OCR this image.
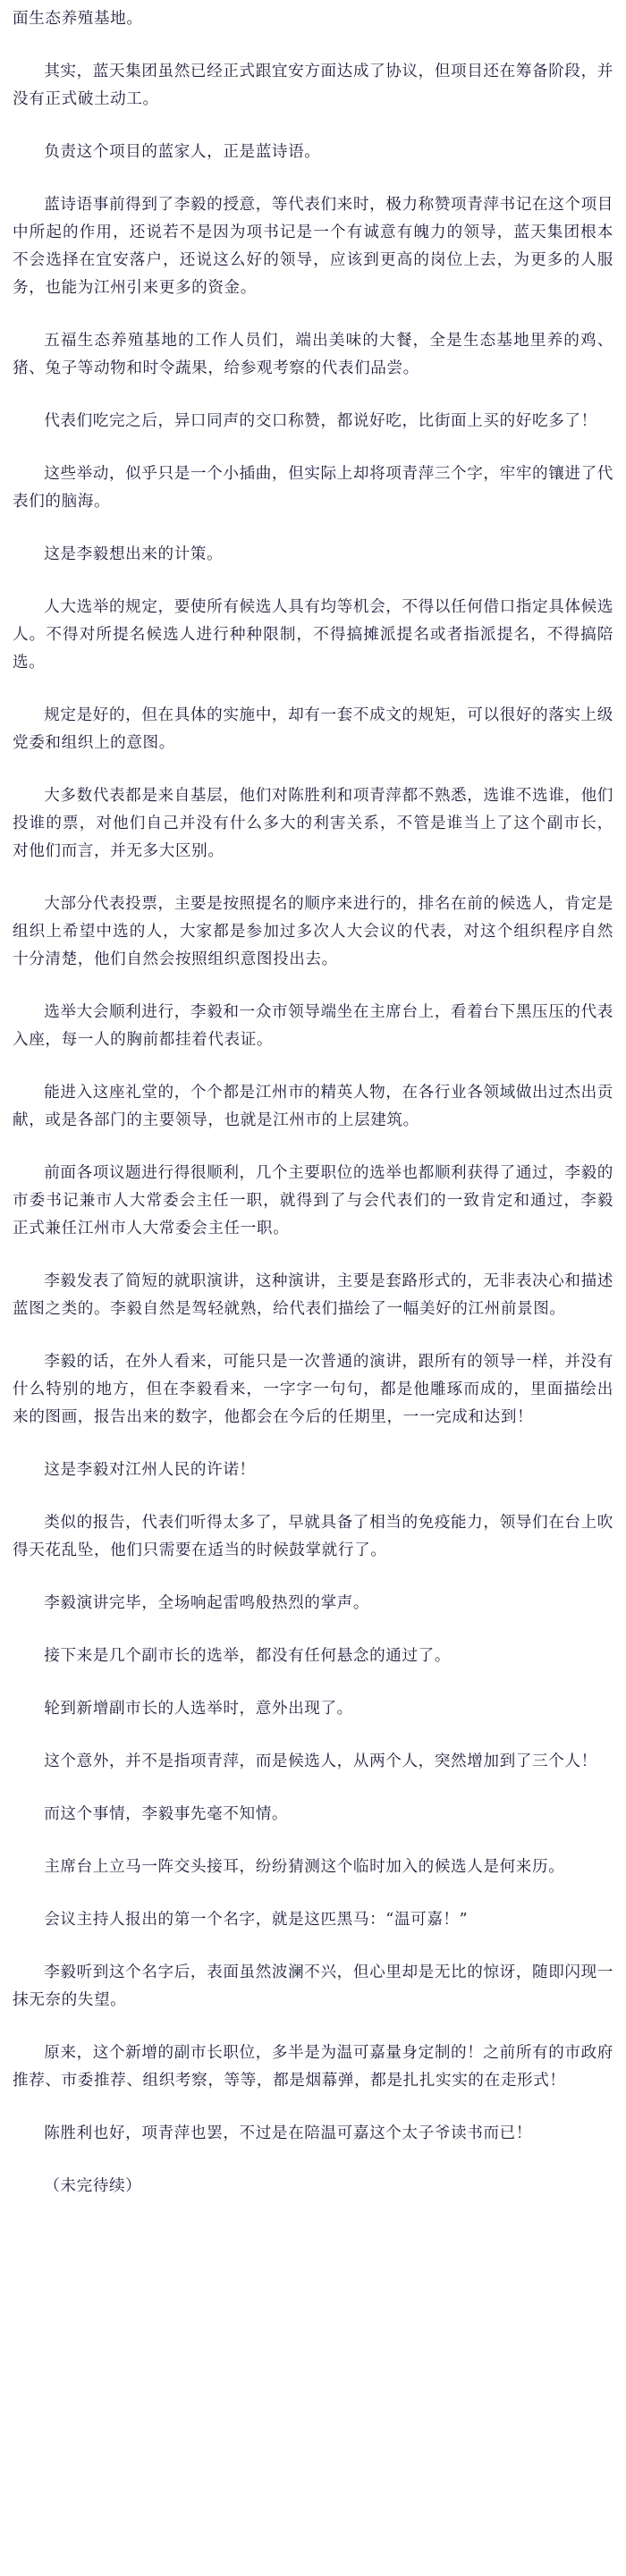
面生态养殖基地。

其实，蓝天集团虽然已经正式跟宜安方面达成了协议，但项目还在筹备阶段，并没有正式破土动工。

负责这个项目的蓝家人，正是蓝诗语。

蓝诗语事前得到了李毅的授意，等代表们来时，极力称赞项青萍书记在这个项目中所起的作用，还说若不是因为项书记是一个有诚意有魄力的领导，蓝天集团根本不会选择在宜安落户，还说这么好的领导，应该到更高的岗位上去，为更多的人服务，也能为江州引来更多的资金。

五福生态养殖基地的工作人员们，端出美味的大餐，全是生态基地里养的鸡、猪、兔子等动物和时令蔬果，给参观考察的代表们品尝。

代表们吃完之后，异口同声的交口称赞，都说好吃，比街面上买的好吃多了！

这些举动，似乎只是一个小插曲，但实际上却将项青萍三个字，牢牢的镶进了代表们的脑海。

这是李毅想出来的计策。

人大选举的规定，要使所有候选人具有均等机会，不得以任何借口指定具体候选人。不得对所提名候选人进行种种限制，不得搞摊派提名或者指派提名，不得搞陪选。

规定是好的，但在具体的实施中，却有一套不成文的规矩，可以很好的落实上级党委和组织上的意图。

大多数代表都是来自基层，他们对陈胜利和项青萍都不熟悉，选谁不选谁，他们投谁的票，对他们自己并没有什么多大的利害关系，不管是谁当上了这个副市长，对他们而言，并无多大区别。

大部分代表投票，主要是按照提名的顺序来进行的，排名在前的候选人，肯定是组织上希望中选的人，大家都是参加过多次人大会议的代表，对这个组织程序自然十分清楚，他们自然会按照组织意图投出去。

选举大会顺利进行，李毅和一众市领导端坐在主席台上，看着台下黑压压的代表入座，每一人的胸前都挂着代表证。

能进入这座礼堂的，个个都是江州市的精英人物，在各行业各领域做出过杰出贡献，或是各部门的主要领导，也就是江州市的上层建筑。

前面各项议题进行得很顺利，几个主要职位的选举也都顺利获得了通过，李毅的市委书记兼市人大常委会主任一职，就得到了与会代表们的一致肯定和通过，李毅正式兼任江州市人大常委会主任一职。

李毅发表了简短的就职演讲，这种演讲，主要是套路形式的，无非表决心和描述蓝图之类的。李毅自然是驾轻就熟，给代表们描绘了一幅美好的江州前景图。

李毅的话，在外人看来，可能只是一次普通的演讲，跟所有的领导一样，并没有什么特别的地方，但在李毅看来，一字字一句句，都是他雕琢而成的，里面描绘出来的图画，报告出来的数字，他都会在今后的任期里，一一完成和达到！

这是李毅对江州人民的许诺！

类似的报告，代表们听得太多了，早就具备了相当的免疫能力，领导们在台上吹得天花乱坠，他们只需要在适当的时候鼓掌就行了。

李毅演讲完毕，全场响起雷鸣般热烈的掌声。

接下来是几个副市长的选举，都没有任何悬念的通过了。

轮到新增副市长的人选举时，意外出现了。

这个意外，并不是指项青萍，而是候选人，从两个人，突然增加到了三个人！

而这个事情，李毅事先毫不知情。

主席台上立马一阵交头接耳，纷纷猜测这个临时加入的候选人是何来历。

会议主持人报出的第一个名字，就是这匹黑马：“温可嘉！”

李毅听到这个名字后，表面虽然波澜不兴，但心里却是无比的惊讶，随即闪现一抹无奈的失望。

原来，这个新增的副市长职位，多半是为温可嘉量身定制的！之前所有的市政府推荐、市委推荐、组织考察，等等，都是烟幕弹，都是扎扎实实的在走形式！

陈胜利也好，项青萍也罢，不过是在陪温可嘉这个太子爷读书而已！

（未完待续）
